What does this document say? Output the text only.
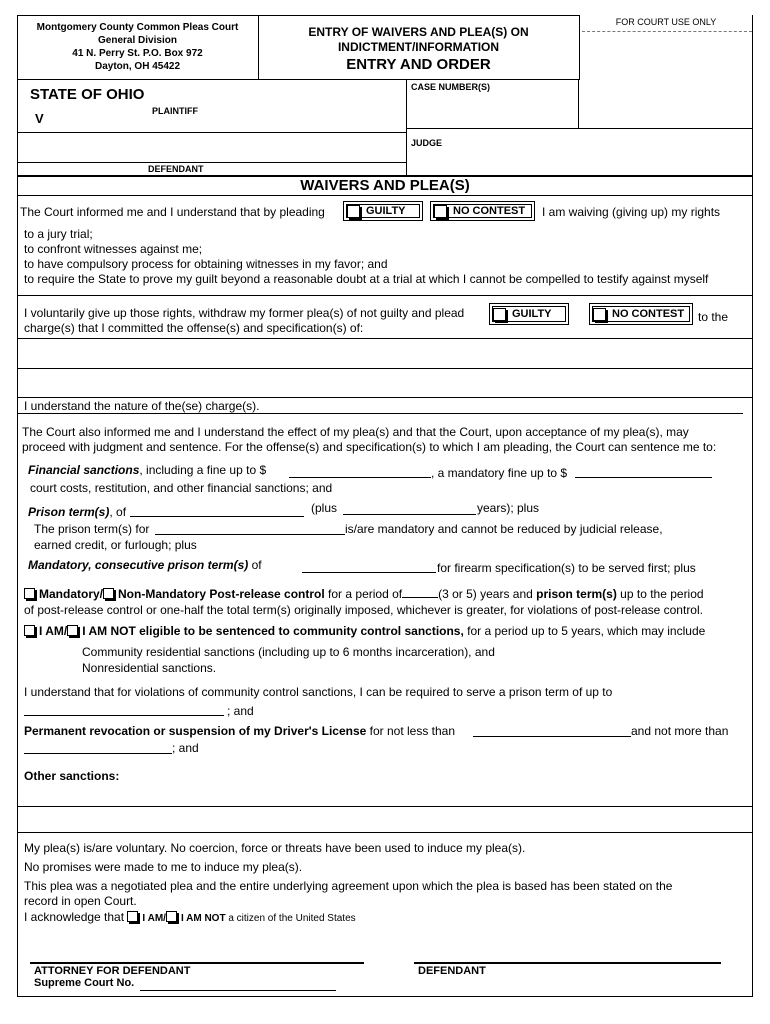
Montgomery County Common Pleas Court
General Division
41 N. Perry St. P.O. Box 972
Dayton, OH 45422
ENTRY OF WAIVERS AND PLEA(S) ON
INDICTMENT/INFORMATION
ENTRY AND ORDER
FOR COURT USE ONLY
STATE OF OHIO
PLAINTIFF
V
DEFENDANT
CASE NUMBER(S)
JUDGE
WAIVERS AND PLEA(S)
The Court informed me and I understand that by pleading	GUILTY	NO CONTEST I am waiving (giving up) my rights
to a jury trial;
to confront witnesses against me;
to have compulsory process for obtaining witnesses in my favor; and
to require the State to prove my guilt beyond a reasonable doubt at a trial at which I cannot be compelled to testify against myself
I voluntarily give up those rights, withdraw my former plea(s) of not guilty and plead	GUILTY	NO CONTEST to the
charge(s) that I committed the offense(s) and specification(s) of:
I understand the nature of the(se) charge(s).
The Court also informed me and I understand the effect of my plea(s) and that the Court, upon acceptance of my plea(s), may
proceed with judgment and sentence. For the offense(s) and specification(s) to which I am pleading, the Court can sentence me to:
Financial sanctions, including a fine up to $	, a mandatory fine up to $
court costs, restitution, and other financial sanctions; and
Prison term(s), of	(plus	years); plus
The prison term(s) for	is/are mandatory and cannot be reduced by judicial release,
earned credit, or furlough; plus
Mandatory, consecutive prison term(s) of	for firearm specification(s) to be served first; plus
Mandatory/ Non-Mandatory Post-release control for a period of	(3 or 5) years and prison term(s) up to the period
of post-release control or one-half the total term(s) originally imposed, whichever is greater, for violations of post-release control.
I AM/ I AM NOT eligible to be sentenced to community control sanctions, for a period up to 5 years, which may include
Community residential sanctions (including up to 6 months incarceration), and
Nonresidential sanctions.
I understand that for violations of community control sanctions, I can be required to serve a prison term of up to
; and
Permanent revocation or suspension of my Driver's License for not less than	and not more than
; and
Other sanctions:
My plea(s) is/are voluntary. No coercion, force or threats have been used to induce my plea(s).
No promises were made to me to induce my plea(s).
This plea was a negotiated plea and the entire underlying agreement upon which the plea is based has been stated on the
record in open Court.
I acknowledge that I AM/ I AM NOT a citizen of the United States
ATTORNEY FOR DEFENDANT
Supreme Court No.
DEFENDANT
